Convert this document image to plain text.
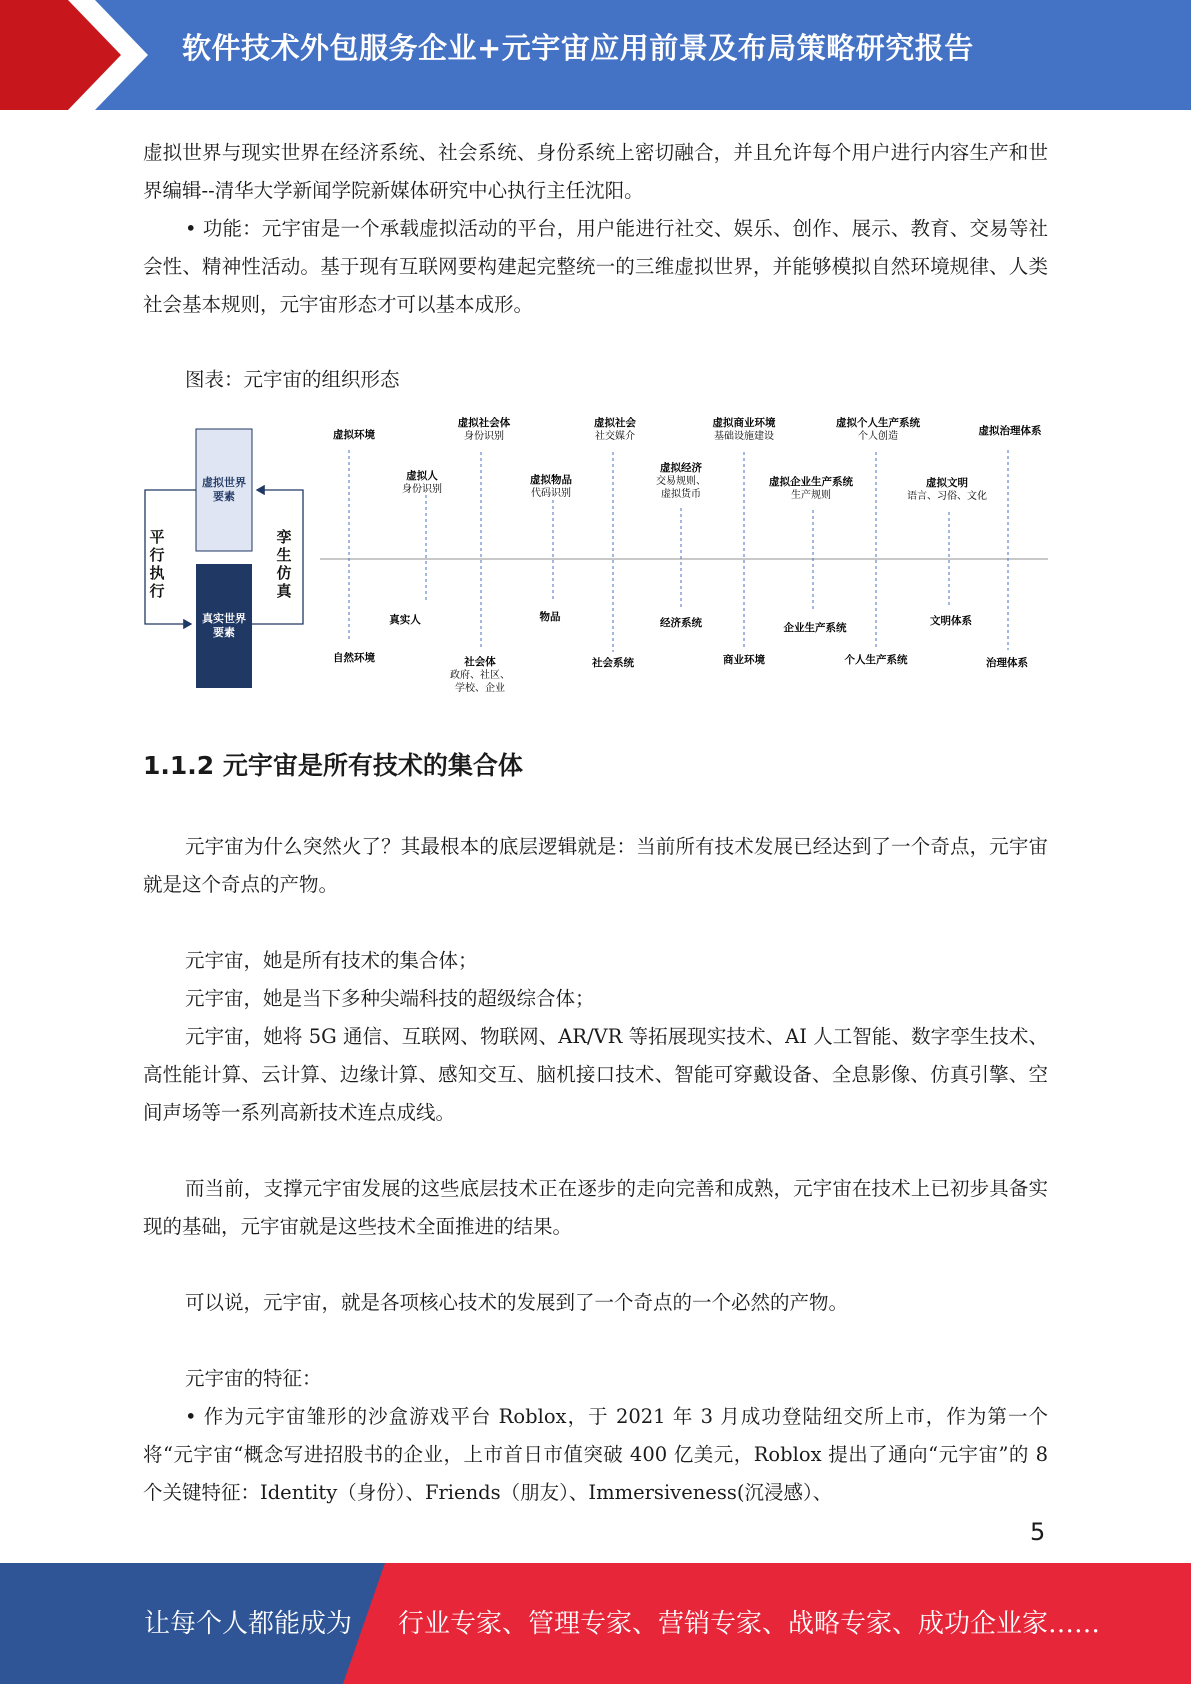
软件技术外包服务企业+元宇宙应用前景及布局策略研究报告

虚拟世界与现实世界在经济系统、社会系统、身份系统上密切融合，并且允许每个用户进行内容生产和世界编辑--清华大学新闻学院新媒体研究中心执行主任沈阳。

• 功能：元宇宙是一个承载虚拟活动的平台，用户能进行社交、娱乐、创作、展示、教育、交易等社会性、精神性活动。基于现有互联网要构建起完整统一的三维虚拟世界，并能够模拟自然环境规律、人类社会基本规则，元宇宙形态才可以基本成形。

图表：元宇宙的组织形态

虚拟世界
要素
真实世界
要素
平
行
执
行
孪
生
仿
真
虚拟环境
自然环境
虚拟人
身份识别
真实人
虚拟社会体
身份识别
社会体
政府、社区、
学校、企业
虚拟物品
代码识别
物品
虚拟社会
社交媒介
社会系统
虚拟经济
交易规则、
虚拟货币
经济系统
虚拟商业环境
基础设施建设
商业环境
虚拟企业生产系统
生产规则
企业生产系统
虚拟个人生产系统
个人创造
个人生产系统
虚拟文明
语言、习俗、文化
文明体系
虚拟治理体系
治理体系
1.1.2 元宇宙是所有技术的集合体

元宇宙为什么突然火了？其最根本的底层逻辑就是：当前所有技术发展已经达到了一个奇点，元宇宙就是这个奇点的产物。

元宇宙，她是所有技术的集合体；

元宇宙，她是当下多种尖端科技的超级综合体；

元宇宙，她将 5G 通信、互联网、物联网、AR/VR 等拓展现实技术、AI 人工智能、数字孪生技术、高性能计算、云计算、边缘计算、感知交互、脑机接口技术、智能可穿戴设备、全息影像、仿真引擎、空间声场等一系列高新技术连点成线。

而当前，支撑元宇宙发展的这些底层技术正在逐步的走向完善和成熟，元宇宙在技术上已初步具备实现的基础，元宇宙就是这些技术全面推进的结果。

可以说，元宇宙，就是各项核心技术的发展到了一个奇点的一个必然的产物。

元宇宙的特征：

• 作为元宇宙雏形的沙盒游戏平台 Roblox，于 2021 年 3 月成功登陆纽交所上市，作为第一个将“元宇宙“概念写进招股书的企业，上市首日市值突破 400 亿美元，Roblox 提出了通向“元宇宙”的 8 个关键特征：Identity（身份）、Friends（朋友）、Immersiveness(沉浸感）、

5
让每个人都能成为 行业专家、管理专家、营销专家、战略专家、成功企业家……
